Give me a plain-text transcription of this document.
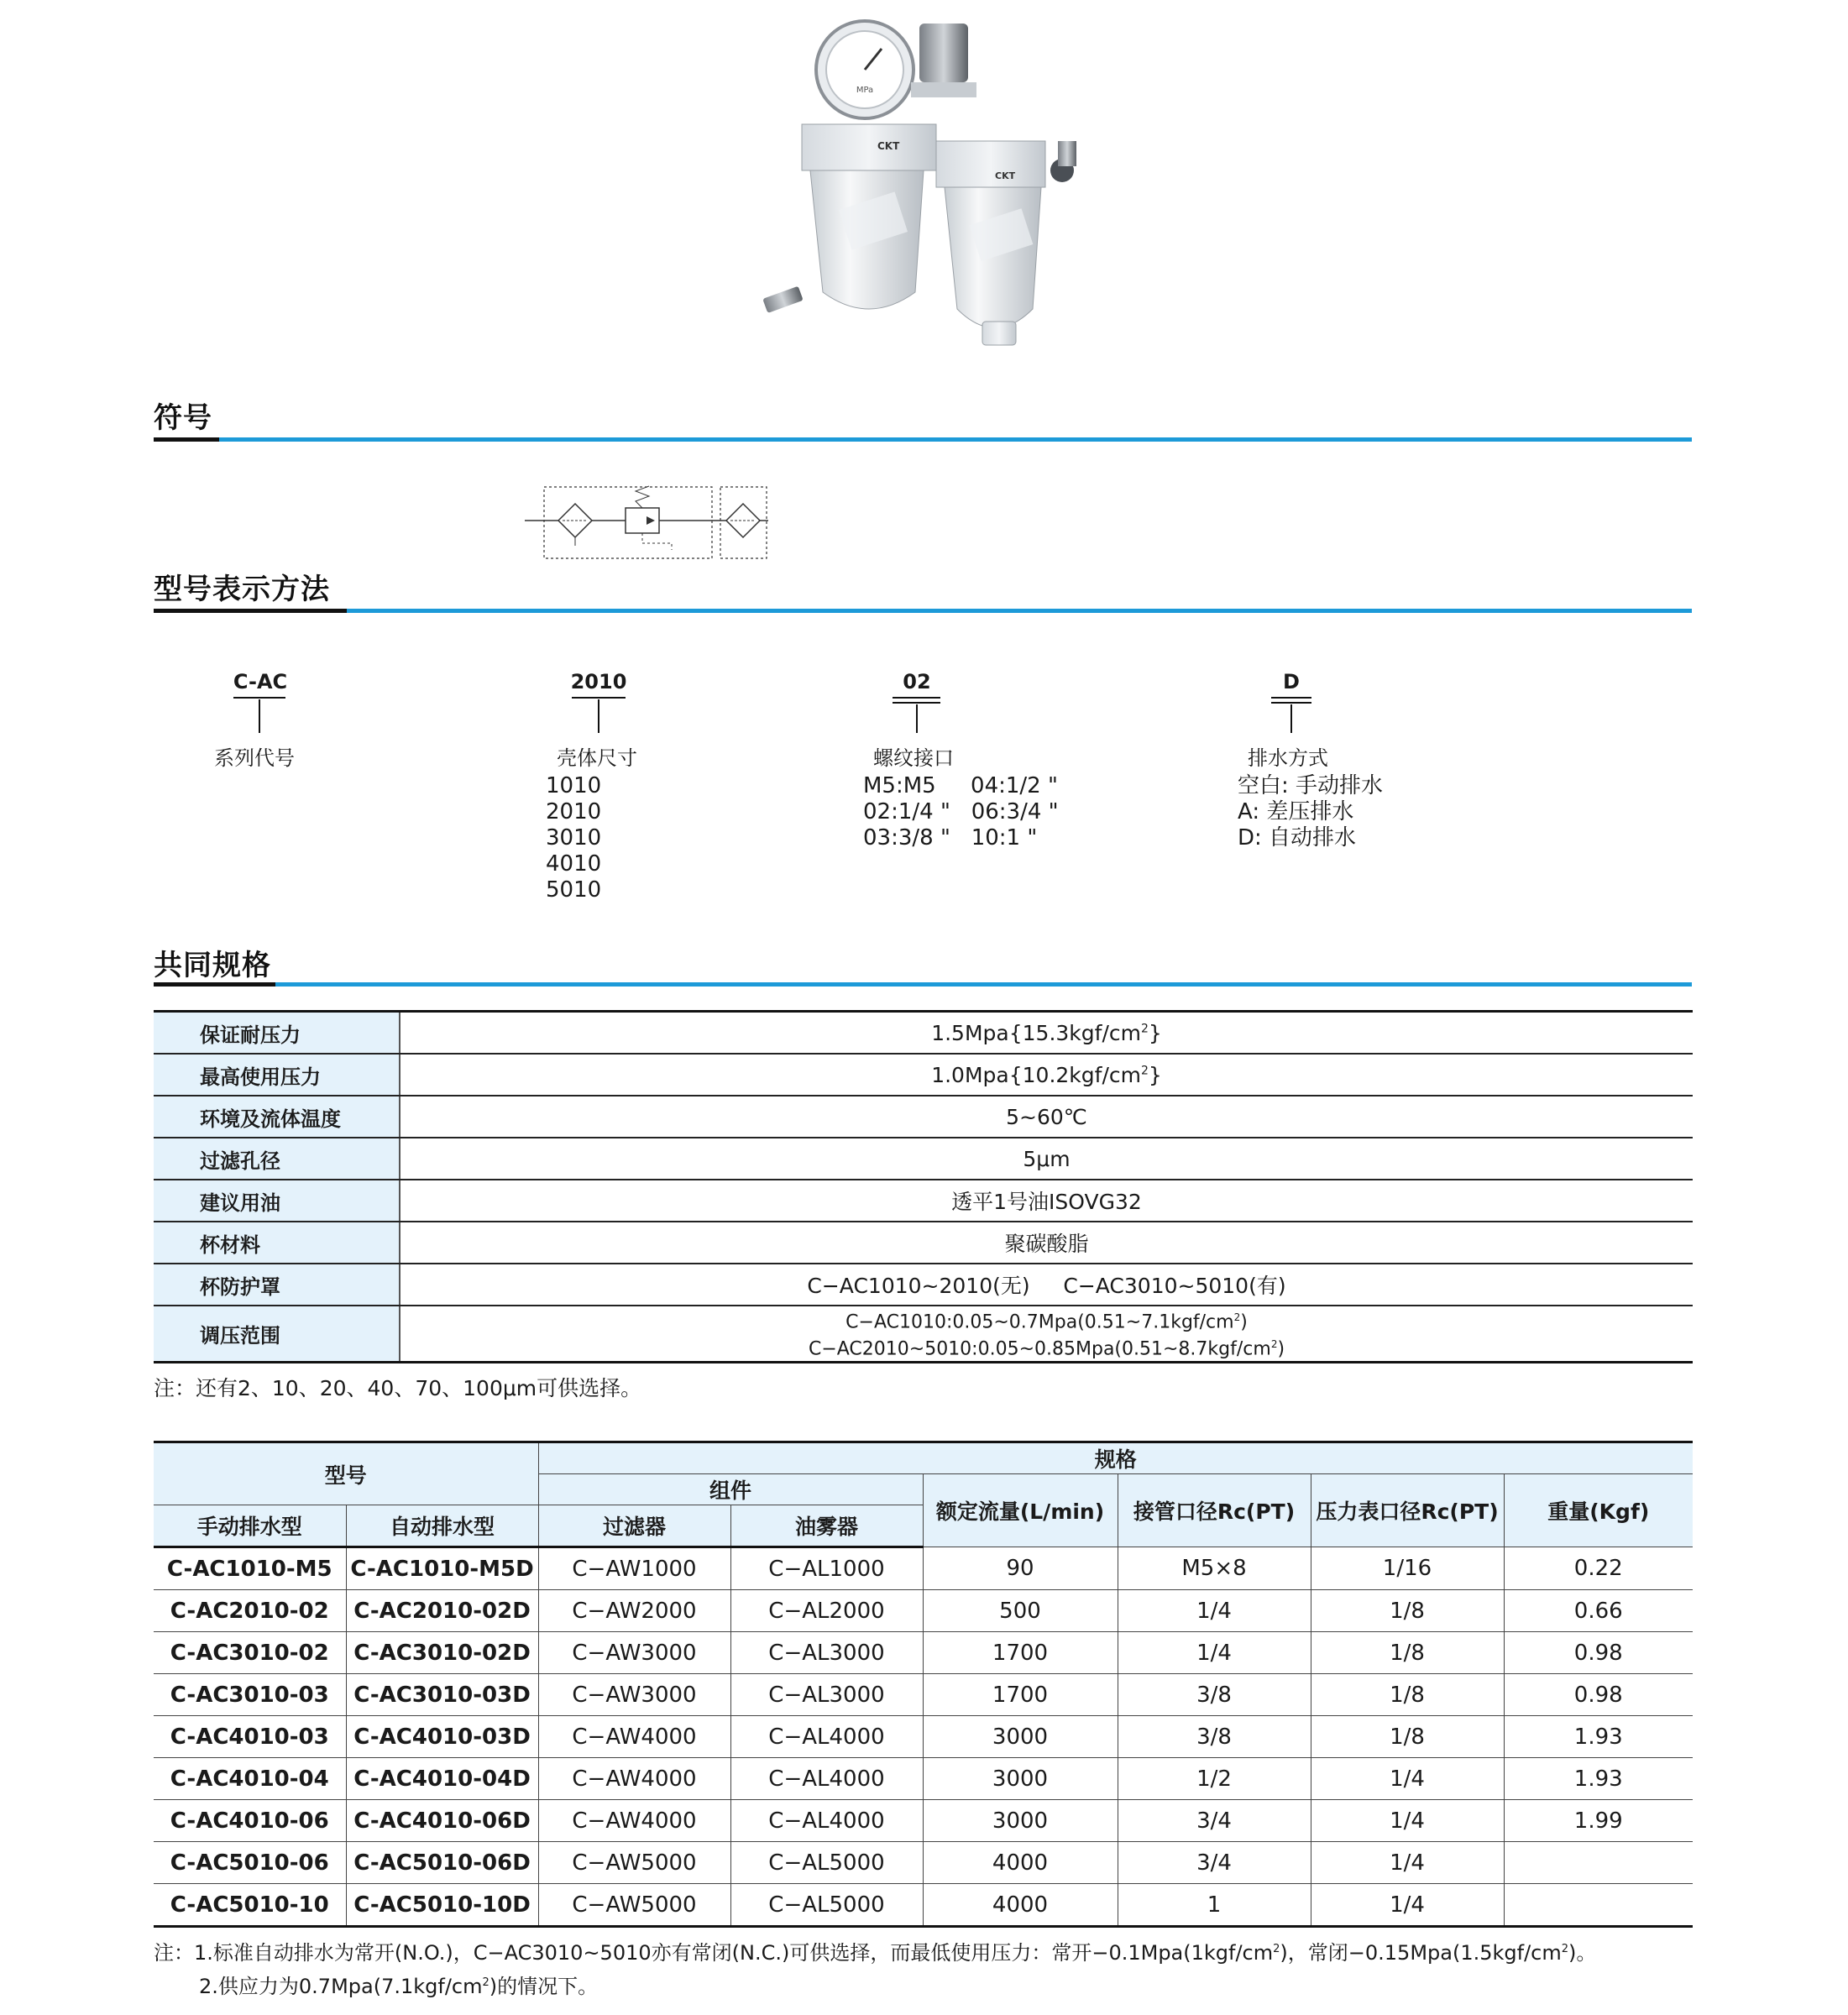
MPa
CKT
CKT
符号
型号表示方法
C-AC
系列代号
2010
壳体尺寸
1010
2010
3010
4010
5010
02
螺纹接口
M5:M5     04:1/2 "
02:1/4 "   06:3/4 "
03:3/8 "   10:1 "
D
排水方式
空白: 手动排水
A: 差压排水
D: 自动排水
共同规格
保证耐压力	$1.5Mpa\{15.3kgf/cm^2\}$
最高使用压力	$1.0Mpa\{10.2kgf/cm^2\}$
环境及流体温度	5~60℃
过滤孔径	5μm
建议用油	透平1号油ISOVG32
杯材料	聚碳酸脂
杯防护罩	C−AC1010~2010(无)     C−AC3010~5010(有)
调压范围	$C-AC1010:0.05\sim 0.7Mpa(0.51\sim 7.1kgf/cm^2)$
$C-AC2010\sim 5010:0.05\sim 0.85Mpa(0.51\sim 8.7kgf/cm^2)$
注：还有2、10、20、40、70、100μm可供选择。
型号		规格					
		组件		额定流量(L/min)	接管口径Rc(PT)	压力表口径Rc(PT)	重量(Kgf)
手动排水型	自动排水型	过滤器	油雾器				
C-AC1010-M5	C-AC1010-M5D	C−AW1000	C−AL1000	90	M5×8	1/16	0.22
C-AC2010-02	C-AC2010-02D	C−AW2000	C−AL2000	500	1/4	1/8	0.66
C-AC3010-02	C-AC3010-02D	C−AW3000	C−AL3000	1700	1/4	1/8	0.98
C-AC3010-03	C-AC3010-03D	C−AW3000	C−AL3000	1700	3/8	1/8	0.98
C-AC4010-03	C-AC4010-03D	C−AW4000	C−AL4000	3000	3/8	1/8	1.93
C-AC4010-04	C-AC4010-04D	C−AW4000	C−AL4000	3000	1/2	1/4	1.93
C-AC4010-06	C-AC4010-06D	C−AW4000	C−AL4000	3000	3/4	1/4	1.99
C-AC5010-06	C-AC5010-06D	C−AW5000	C−AL5000	4000	3/4	1/4	
C-AC5010-10	C-AC5010-10D	C−AW5000	C−AL5000	4000	1	1/4	
注：1.标准自动排水为常开(N.O.)，C−AC3010~5010亦有常闭(N.C.)可供选择，而最低使用压力：常开$-0.1Mpa(1kgf/cm^2)$，常闭$-0.15Mpa(1.5kgf/cm^2)$。
2.供应力为$0.7Mpa(7.1kgf/cm^2)$的情况下。
